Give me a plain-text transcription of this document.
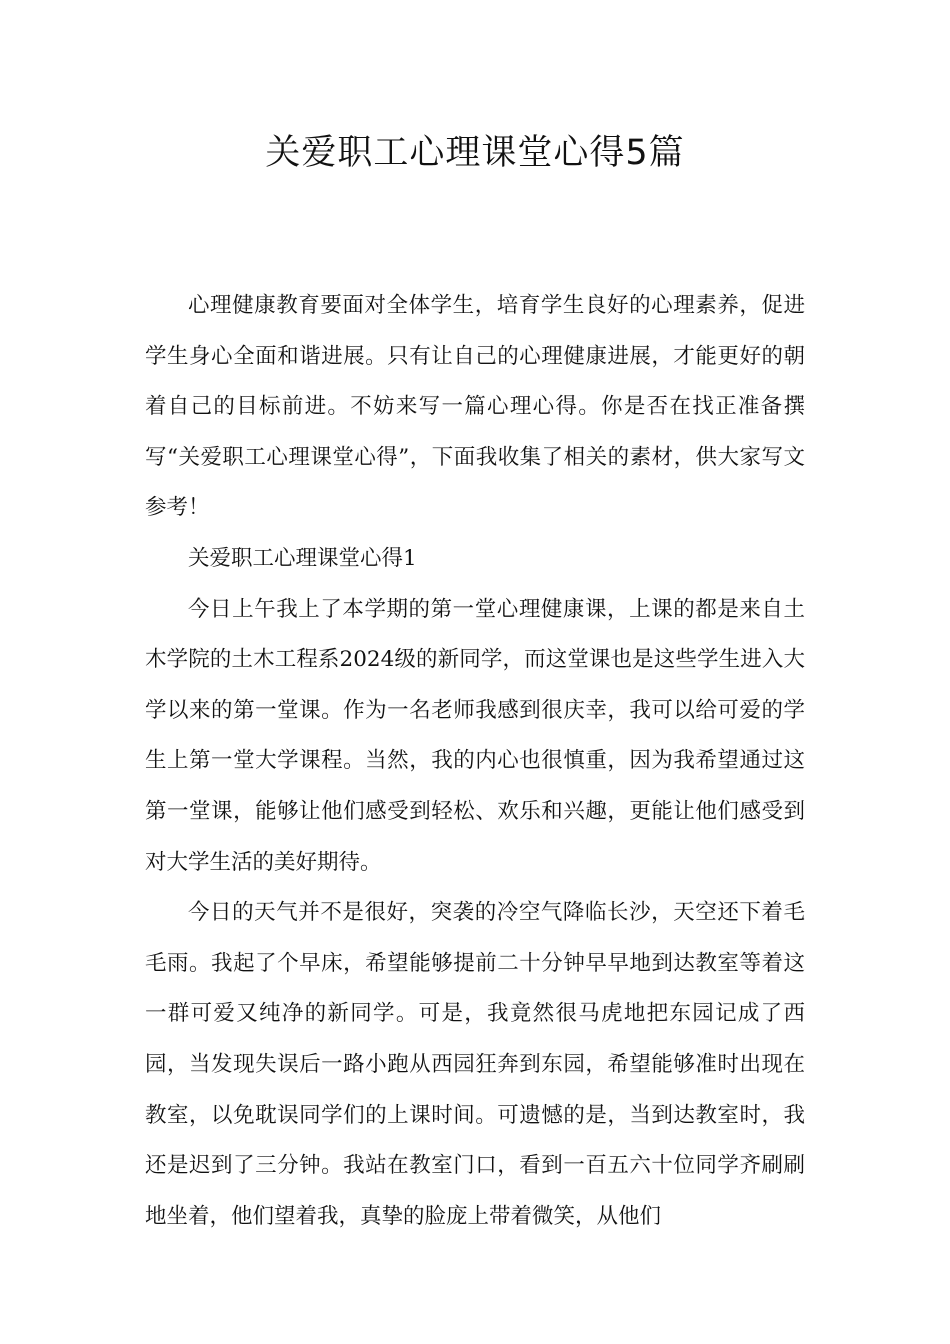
关爱职工心理课堂心得5篇

心理健康教育要面对全体学生，培育学生良好的心理素养，促进学生身心全面和谐进展。只有让自己的心理健康进展，才能更好的朝着自己的目标前进。不妨来写一篇心理心得。你是否在找正准备撰写“关爱职工心理课堂心得”，下面我收集了相关的素材，供大家写文参考！

关爱职工心理课堂心得1

今日上午我上了本学期的第一堂心理健康课，上课的都是来自土木学院的土木工程系2024级的新同学，而这堂课也是这些学生进入大学以来的第一堂课。作为一名老师我感到很庆幸，我可以给可爱的学生上第一堂大学课程。当然，我的内心也很慎重，因为我希望通过这第一堂课，能够让他们感受到轻松、欢乐和兴趣，更能让他们感受到对大学生活的美好期待。

今日的天气并不是很好，突袭的冷空气降临长沙，天空还下着毛毛雨。我起了个早床，希望能够提前二十分钟早早地到达教室等着这一群可爱又纯净的新同学。可是，我竟然很马虎地把东园记成了西园，当发现失误后一路小跑从西园狂奔到东园，希望能够准时出现在教室，以免耽误同学们的上课时间。可遗憾的是，当到达教室时，我还是迟到了三分钟。我站在教室门口，看到一百五六十位同学齐刷刷地坐着，他们望着我，真挚的脸庞上带着微笑，从他们
